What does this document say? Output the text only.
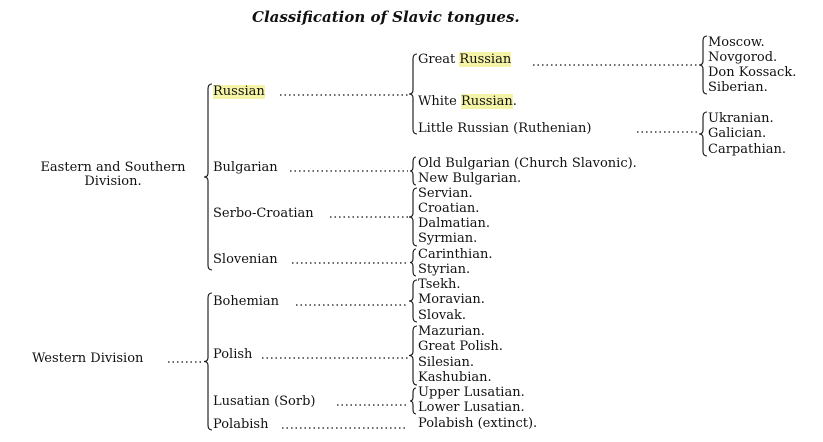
Classification of Slavic tongues.
Eastern and Southern
Division.
Western Division
Russian
Bulgarian
Serbo-Croatian
Slovenian
Bohemian
Polish
Lusatian (Sorb)
Polabish
Great Russian
White Russian.
Little Russian (Ruthenian)
Moscow.
Novgorod.
Don Kossack.
Siberian.
Ukranian.
Galician.
Carpathian.
Old Bulgarian (Church Slavonic).
New Bulgarian.
Servian.
Croatian.
Dalmatian.
Syrmian.
Carinthian.
Styrian.
Tsekh.
Moravian.
Slovak.
Mazurian.
Great Polish.
Silesian.
Kashubian.
Upper Lusatian.
Lower Lusatian.
Polabish (extinct).
